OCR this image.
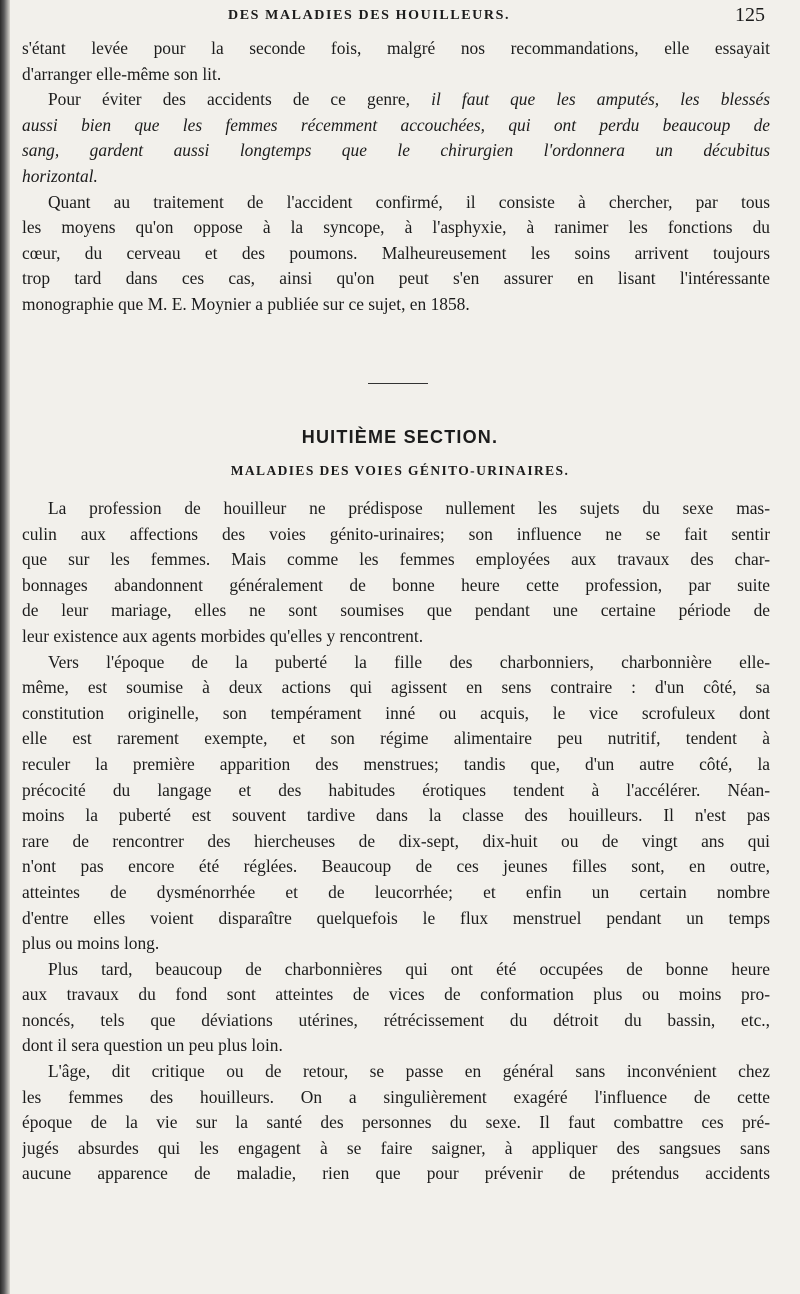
DES MALADIES DES HOUILLEURS.	125
s'étant levée pour la seconde fois, malgré nos recommandations, elle essayait
d'arranger elle-même son lit.
Pour éviter des accidents de ce genre, il faut que les amputés, les blessés
aussi bien que les femmes récemment accouchées, qui ont perdu beaucoup de
sang, gardent aussi longtemps que le chirurgien l'ordonnera un décubitus
horizontal.
Quant au traitement de l'accident confirmé, il consiste à chercher, par tous
les moyens qu'on oppose à la syncope, à l'asphyxie, à ranimer les fonctions du
cœur, du cerveau et des poumons. Malheureusement les soins arrivent toujours
trop tard dans ces cas, ainsi qu'on peut s'en assurer en lisant l'intéressante
monographie que M. E. Moynier a publiée sur ce sujet, en 1858.
HUITIÈME SECTION.
MALADIES DES VOIES GÉNITO-URINAIRES.
La profession de houilleur ne prédispose nullement les sujets du sexe mas-
culin aux affections des voies génito-urinaires; son influence ne se fait sentir
que sur les femmes. Mais comme les femmes employées aux travaux des char-
bonnages abandonnent généralement de bonne heure cette profession, par suite
de leur mariage, elles ne sont soumises que pendant une certaine période de
leur existence aux agents morbides qu'elles y rencontrent.
Vers l'époque de la puberté la fille des charbonniers, charbonnière elle-
même, est soumise à deux actions qui agissent en sens contraire : d'un côté, sa
constitution originelle, son tempérament inné ou acquis, le vice scrofuleux dont
elle est rarement exempte, et son régime alimentaire peu nutritif, tendent à
reculer la première apparition des menstrues; tandis que, d'un autre côté, la
précocité du langage et des habitudes érotiques tendent à l'accélérer. Néan-
moins la puberté est souvent tardive dans la classe des houilleurs. Il n'est pas
rare de rencontrer des hiercheuses de dix-sept, dix-huit ou de vingt ans qui
n'ont pas encore été réglées. Beaucoup de ces jeunes filles sont, en outre,
atteintes de dysménorrhée et de leucorrhée; et enfin un certain nombre
d'entre elles voient disparaître quelquefois le flux menstruel pendant un temps
plus ou moins long.
Plus tard, beaucoup de charbonnières qui ont été occupées de bonne heure
aux travaux du fond sont atteintes de vices de conformation plus ou moins pro-
noncés, tels que déviations utérines, rétrécissement du détroit du bassin, etc.,
dont il sera question un peu plus loin.
L'âge, dit critique ou de retour, se passe en général sans inconvénient chez
les femmes des houilleurs. On a singulièrement exagéré l'influence de cette
époque de la vie sur la santé des personnes du sexe. Il faut combattre ces pré-
jugés absurdes qui les engagent à se faire saigner, à appliquer des sangsues sans
aucune apparence de maladie, rien que pour prévenir de prétendus accidents
